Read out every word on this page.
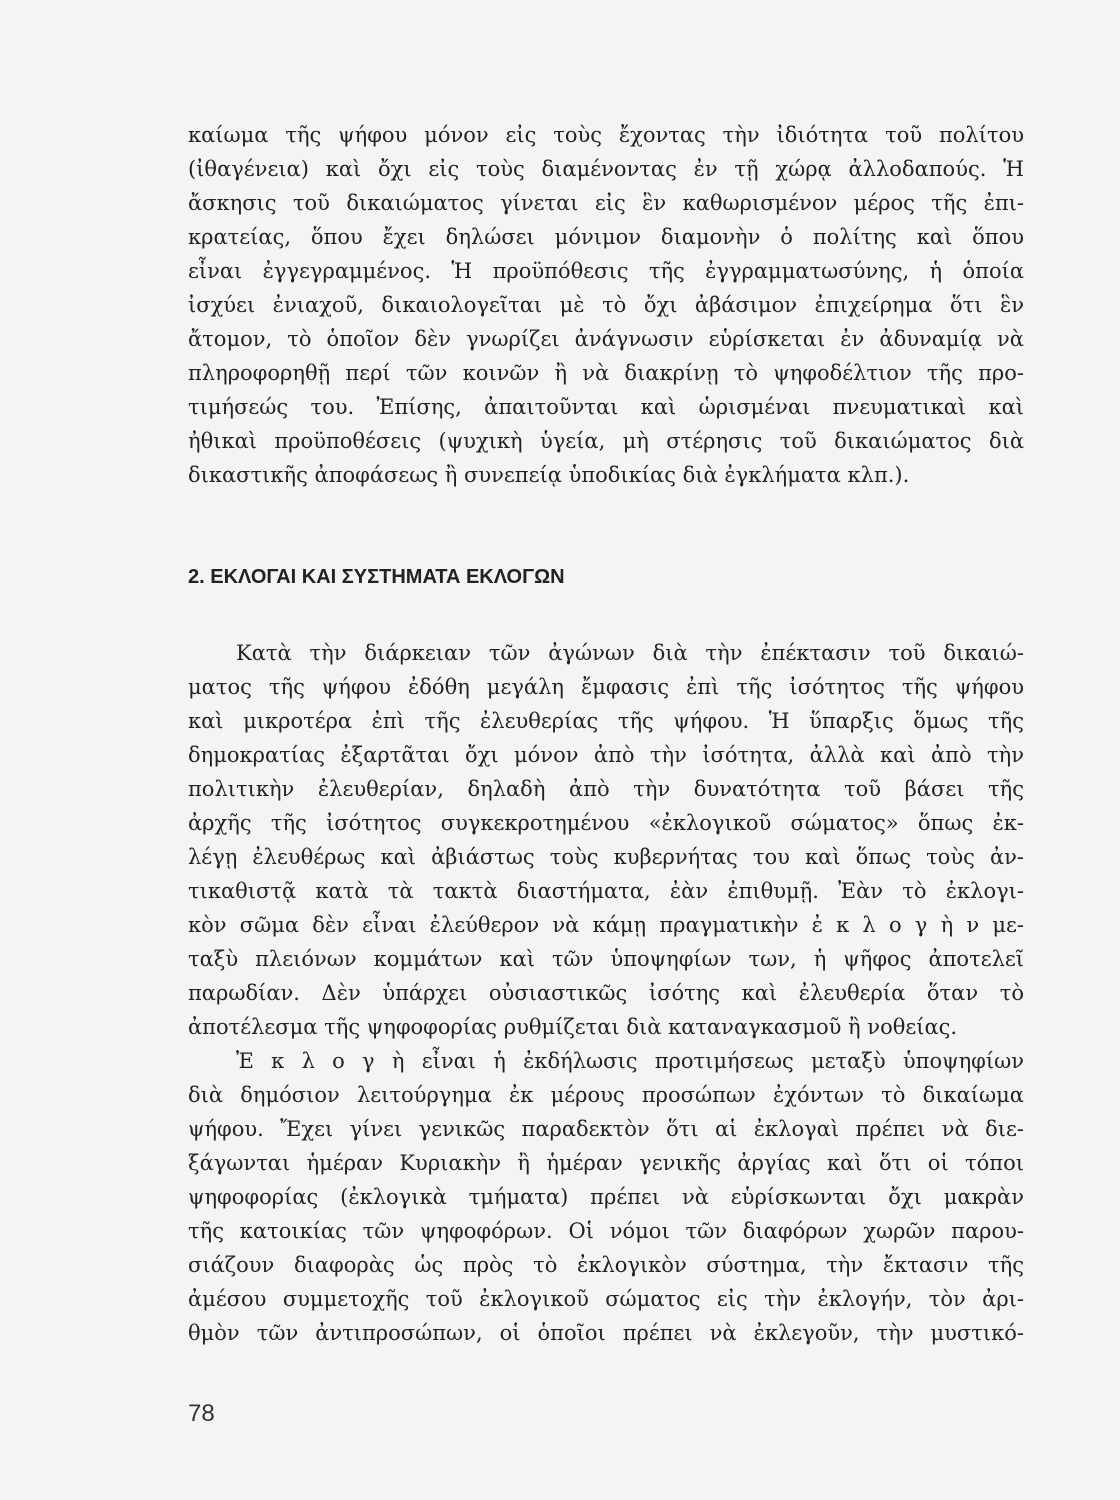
καίωμα τῆς ψήφου μόνον εἰς τοὺς ἔχοντας τὴν ἰδιότητα τοῦ πολίτου
(ἰθαγένεια) καὶ ὄχι εἰς τοὺς διαμένοντας ἐν τῇ χώρᾳ ἀλλοδαπούς. Ἡ
ἄσκησις τοῦ δικαιώματος γίνεται εἰς ἓν καθωρισμένον μέρος τῆς ἐπι-
κρατείας, ὅπου ἔχει δηλώσει μόνιμον διαμονὴν ὁ πολίτης καὶ ὅπου
εἶναι ἐγγεγραμμένος. Ἡ προϋπόθεσις τῆς ἐγγραμματωσύνης, ἡ ὁποία
ἰσχύει ἐνιαχοῦ, δικαιολογεῖται μὲ τὸ ὄχι ἀβάσιμον ἐπιχείρημα ὅτι ἓν
ἄτομον, τὸ ὁποῖον δὲν γνωρίζει ἀνάγνωσιν εὑρίσκεται ἐν ἀδυναμίᾳ νὰ
πληροφορηθῇ περί τῶν κοινῶν ἢ νὰ διακρίνῃ τὸ ψηφοδέλτιον τῆς προ-
τιμήσεώς του. Ἐπίσης, ἀπαιτοῦνται καὶ ὡρισμέναι πνευματικαὶ καὶ
ἠθικαὶ προϋποθέσεις (ψυχικὴ ὑγεία, μὴ στέρησις τοῦ δικαιώματος διὰ
δικαστικῆς ἀποφάσεως ἢ συνεπείᾳ ὑποδικίας διὰ ἐγκλήματα κλπ.).
2. ΕΚΛΟΓΑΙ ΚΑΙ ΣΥΣΤΗΜΑΤΑ ΕΚΛΟΓΩΝ
Κατὰ τὴν διάρκειαν τῶν ἀγώνων διὰ τὴν ἐπέκτασιν τοῦ δικαιώ-
ματος τῆς ψήφου ἐδόθη μεγάλη ἔμφασις ἐπὶ τῆς ἰσότητος τῆς ψήφου
καὶ μικροτέρα ἐπὶ τῆς ἐλευθερίας τῆς ψήφου. Ἡ ὕπαρξις ὅμως τῆς
δημοκρατίας ἐξαρτᾶται ὄχι μόνον ἀπὸ τὴν ἰσότητα, ἀλλὰ καὶ ἀπὸ τὴν
πολιτικὴν ἐλευθερίαν, δηλαδὴ ἀπὸ τὴν δυνατότητα τοῦ βάσει τῆς
ἀρχῆς τῆς ἰσότητος συγκεκροτημένου «ἐκλογικοῦ σώματος» ὅπως ἐκ-
λέγῃ ἐλευθέρως καὶ ἀβιάστως τοὺς κυβερνήτας του καὶ ὅπως τοὺς ἀν-
τικαθιστᾷ κατὰ τὰ τακτὰ διαστήματα, ἐὰν ἐπιθυμῇ. Ἐὰν τὸ ἐκλογι-
κὸν σῶμα δὲν εἶναι ἐλεύθερον νὰ κάμῃ πραγματικὴν ἐ κ λ ο γ ὴ ν με-
ταξὺ πλειόνων κομμάτων καὶ τῶν ὑποψηφίων των, ἡ ψῆφος ἀποτελεῖ
παρωδίαν. Δὲν ὑπάρχει οὐσιαστικῶς ἰσότης καὶ ἐλευθερία ὅταν τὸ
ἀποτέλεσμα τῆς ψηφοφορίας ρυθμίζεται διὰ καταναγκασμοῦ ἢ νοθείας.
Ἐ κ λ ο γ ὴ εἶναι ἡ ἐκδήλωσις προτιμήσεως μεταξὺ ὑποψηφίων
διὰ δημόσιον λειτούργημα ἐκ μέρους προσώπων ἐχόντων τὸ δικαίωμα
ψήφου. Ἔχει γίνει γενικῶς παραδεκτὸν ὅτι αἱ ἐκλογαὶ πρέπει νὰ διε-
ξάγωνται ἡμέραν Κυριακὴν ἢ ἡμέραν γενικῆς ἀργίας καὶ ὅτι οἱ τόποι
ψηφοφορίας (ἐκλογικὰ τμήματα) πρέπει νὰ εὑρίσκωνται ὄχι μακρὰν
τῆς κατοικίας τῶν ψηφοφόρων. Οἱ νόμοι τῶν διαφόρων χωρῶν παρου-
σιάζουν διαφορὰς ὡς πρὸς τὸ ἐκλογικὸν σύστημα, τὴν ἔκτασιν τῆς
ἀμέσου συμμετοχῆς τοῦ ἐκλογικοῦ σώματος εἰς τὴν ἐκλογήν, τὸν ἀρι-
θμὸν τῶν ἀντιπροσώπων, οἱ ὁποῖοι πρέπει νὰ ἐκλεγοῦν, τὴν μυστικό-
78
